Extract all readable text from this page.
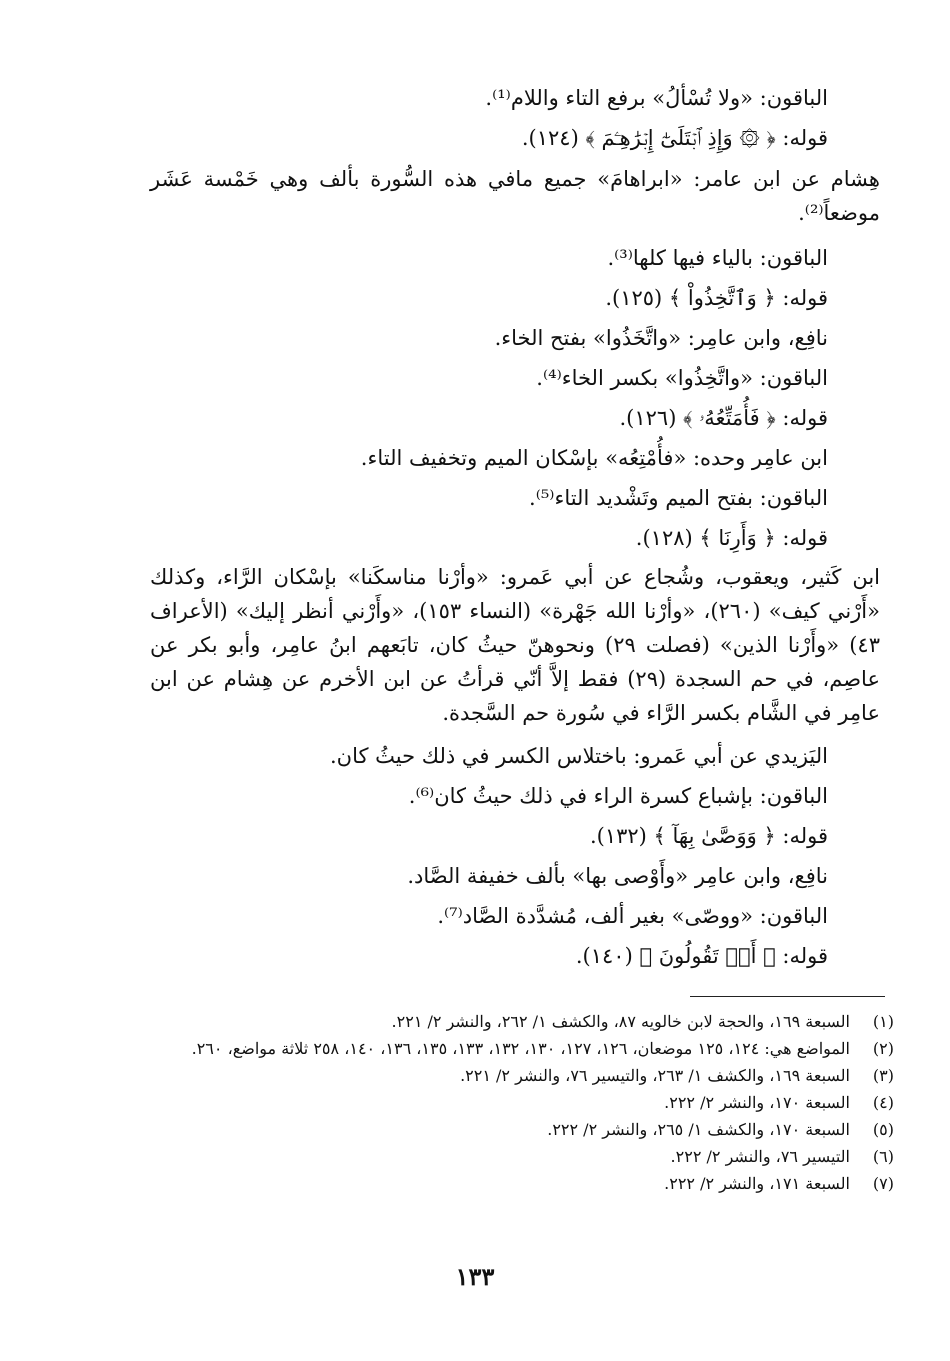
الباقون: «ولا تُسْألُ» برفع التاء واللام⁽¹⁾.
قوله: ﴿ ۞ وَإِذِ ٱبۡتَلَىٰٓ إِبۡرَٰهِـۧمَ ﴾ (١٢٤).
هِشام عن ابن عامر: «ابراهامَ» جميع مافي هذه السُّورة بألف وهي خَمْسة عَشَر موضعاً⁽²⁾.
الباقون: بالياء فيها كلها⁽³⁾.
قوله: ﴿ وَٱتَّخِذُواْ ﴾ (١٢٥).
نافِع، وابن عامِر: «واتَّخَذُوا» بفتح الخاء.
الباقون: «واتَّخِذُوا» بكسر الخاء⁽⁴⁾.
قوله: ﴿ فَأُمَتِّعُهُۥ ﴾ (١٢٦).
ابن عامِر وحده: «فأُمْتِعُه» بإسْكان الميم وتخفيف التاء.
الباقون: بفتح الميم وتَشْديد التاء⁽⁵⁾.
قوله: ﴿ وَأَرِنَا ﴾ (١٢٨).
ابن كَثير، ويعقوب، وشُجاع عن أبي عَمرو: «وأرْنا مناسكَنا» بإسْكان الرَّاء، وكذلك «أَرْني كيف» (٢٦٠)، «وأرْنا الله جَهْرة» (النساء ١٥٣)، «وأَرْني أنظر إليك» (الأعراف ٤٣) «وأَرْنا الذين» (فصلت ٢٩) ونحوهنّ حيثُ كان، تابَعهم ابنُ عامِر، وأبو بكر عن عاصِم، في حم السجدة (٢٩) فقط إلاَّ أنّي قرأتُ عن ابن الأخرم عن هِشام عن ابن عامِر في الشَّام بكسر الرَّاء في سُورة حم السَّجدة.
اليَزيدي عن أبي عَمرو: باختلاس الكسر في ذلك حيثُ كان.
الباقون: بإشباع كسرة الراء في ذلك حيثُ كان⁽⁶⁾.
قوله: ﴿ وَوَصَّىٰ بِهَآ ﴾ (١٣٢).
نافِع، وابن عامِر «وأَوْصى بها» بألف خفيفة الصَّاد.
الباقون: «ووصّى» بغير ألف، مُشدَّدة الصَّاد⁽⁷⁾.
قوله: ﴿ أَمۡ تَقُولُونَ ﴾ (١٤٠).
(١)
السبعة ١٦٩، والحجة لابن خالويه ٨٧، والكشف ١/ ٢٦٢، والنشر ٢/ ٢٢١.
(٢)
المواضع هي: ١٢٤، ١٢٥ موضعان، ١٢٦، ١٢٧، ١٣٠، ١٣٢، ١٣٣، ١٣٥، ١٣٦، ١٤٠، ٢٥٨ ثلاثة مواضع، ٢٦٠.
(٣)
السبعة ١٦٩، والكشف ١/ ٢٦٣، والتيسير ٧٦، والنشر ٢/ ٢٢١.
(٤)
السبعة ١٧٠، والنشر ٢/ ٢٢٢.
(٥)
السبعة ١٧٠، والكشف ١/ ٢٦٥، والنشر ٢/ ٢٢٢.
(٦)
التيسير ٧٦، والنشر ٢/ ٢٢٢.
(٧)
السبعة ١٧١، والنشر ٢/ ٢٢٢.
١٣٣
